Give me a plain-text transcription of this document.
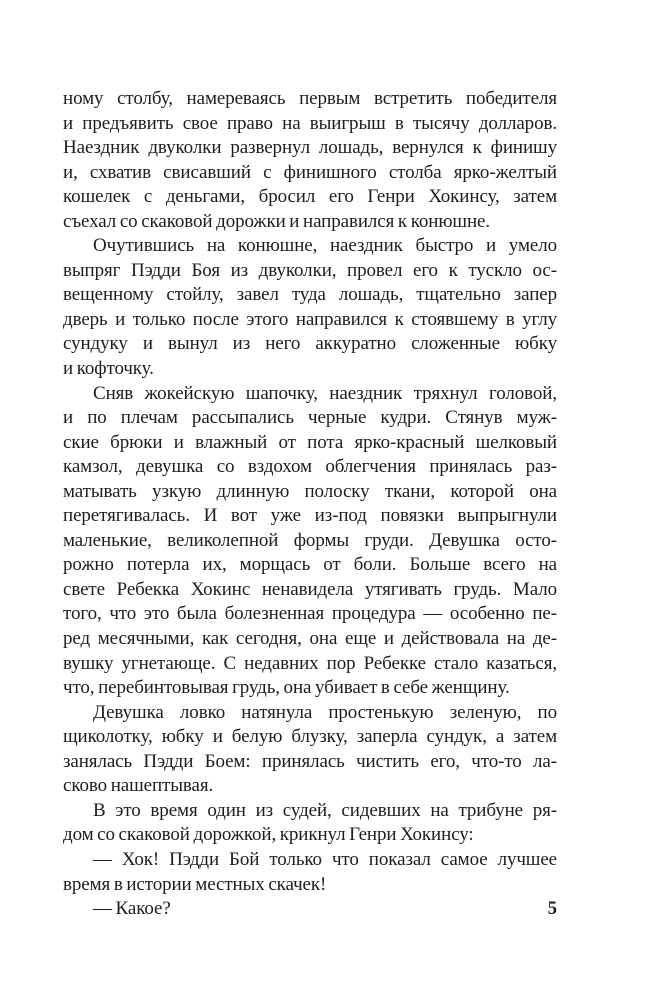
ному столбу, намереваясь первым встретить победителя
и предъявить свое право на выигрыш в тысячу долларов.
Наездник двуколки развернул лошадь, вернулся к финишу
и, схватив свисавший с финишного столба ярко-желтый
кошелек с деньгами, бросил его Генри Хокинсу, затем
съехал со скаковой дорожки и направился к конюшне.
Очутившись на конюшне, наездник быстро и умело
выпряг Пэдди Боя из двуколки, провел его к тускло ос-
вещенному стойлу, завел туда лошадь, тщательно запер
дверь и только после этого направился к стоявшему в углу
сундуку и вынул из него аккуратно сложенные юбку
и кофточку.
Сняв жокейскую шапочку, наездник тряхнул головой,
и по плечам рассыпались черные кудри. Стянув муж-
ские брюки и влажный от пота ярко-красный шелковый
камзол, девушка со вздохом облегчения принялась раз-
матывать узкую длинную полоску ткани, которой она
перетягивалась. И вот уже из-под повязки выпрыгнули
маленькие, великолепной формы груди. Девушка осто-
рожно потерла их, морщась от боли. Больше всего на
свете Ребекка Хокинс ненавидела утягивать грудь. Мало
того, что это была болезненная процедура — особенно пе-
ред месячными, как сегодня, она еще и действовала на де-
вушку угнетающе. С недавних пор Ребекке стало казаться,
что, перебинтовывая грудь, она убивает в себе женщину.
Девушка ловко натянула простенькую зеленую, по
щиколотку, юбку и белую блузку, заперла сундук, а затем
занялась Пэдди Боем: принялась чистить его, что-то ла-
сково нашептывая.
В это время один из судей, сидевших на трибуне ря-
дом со скаковой дорожкой, крикнул Генри Хокинсу:
— Хок! Пэдди Бой только что показал самое лучшее
время в истории местных скачек!
— Какое?	5
